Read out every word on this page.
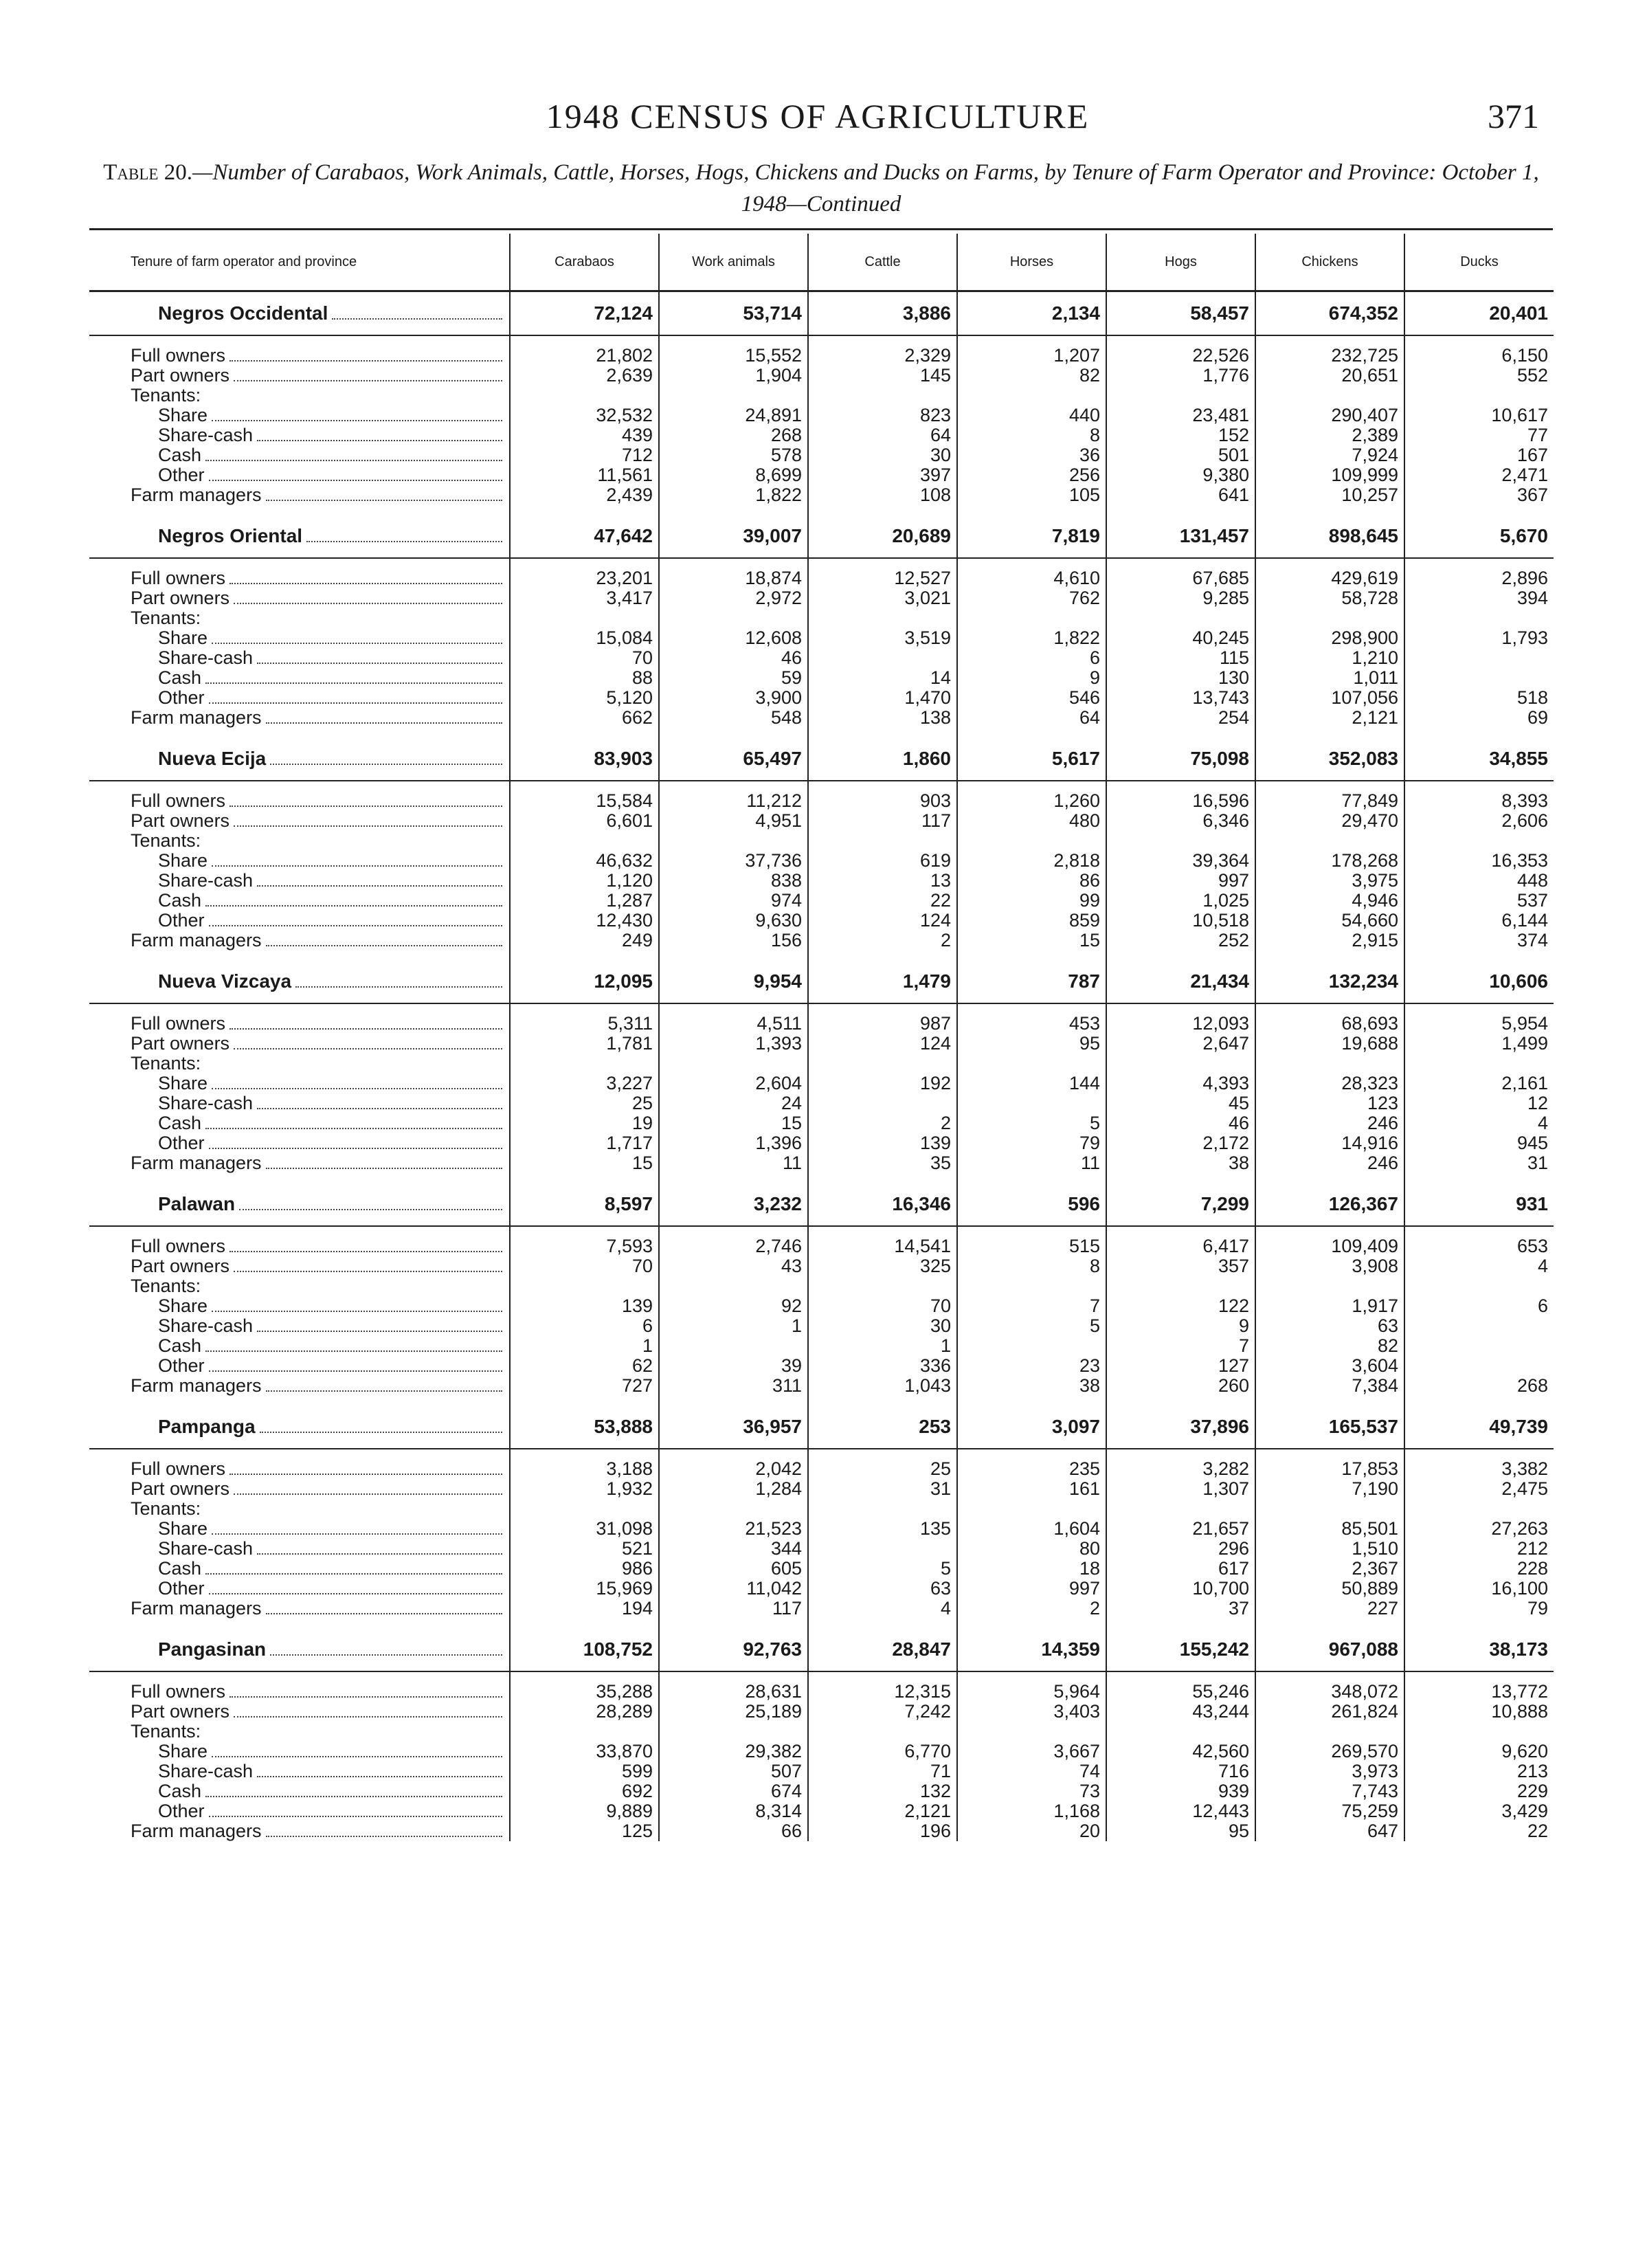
1948 CENSUS OF AGRICULTURE	371
Table 20.—Number of Carabaos, Work Animals, Cattle, Horses, Hogs, Chickens and Ducks on Farms, by Tenure of Farm Operator and Province: October 1, 1948—Continued
Tenure of farm operator and province	Carabaos	Work animals	Cattle	Horses	Hogs	Chickens	Ducks

Negros Occidental	72,124	53,714	3,886	2,134	58,457	674,352	20,401

Full owners	21,802	15,552	2,329	1,207	22,526	232,725	6,150

Part owners	2,639	1,904	145	82	1,776	20,651	552

Tenants:							

Share	32,532	24,891	823	440	23,481	290,407	10,617

Share-cash	439	268	64	8	152	2,389	77

Cash	712	578	30	36	501	7,924	167

Other	11,561	8,699	397	256	9,380	109,999	2,471

Farm managers	2,439	1,822	108	105	641	10,257	367

Negros Oriental	47,642	39,007	20,689	7,819	131,457	898,645	5,670

Full owners	23,201	18,874	12,527	4,610	67,685	429,619	2,896

Part owners	3,417	2,972	3,021	762	9,285	58,728	394

Tenants:							

Share	15,084	12,608	3,519	1,822	40,245	298,900	1,793

Share-cash	70	46		6	115	1,210	

Cash	88	59	14	9	130	1,011	

Other	5,120	3,900	1,470	546	13,743	107,056	518

Farm managers	662	548	138	64	254	2,121	69

Nueva Ecija	83,903	65,497	1,860	5,617	75,098	352,083	34,855

Full owners	15,584	11,212	903	1,260	16,596	77,849	8,393

Part owners	6,601	4,951	117	480	6,346	29,470	2,606

Tenants:							

Share	46,632	37,736	619	2,818	39,364	178,268	16,353

Share-cash	1,120	838	13	86	997	3,975	448

Cash	1,287	974	22	99	1,025	4,946	537

Other	12,430	9,630	124	859	10,518	54,660	6,144

Farm managers	249	156	2	15	252	2,915	374

Nueva Vizcaya	12,095	9,954	1,479	787	21,434	132,234	10,606

Full owners	5,311	4,511	987	453	12,093	68,693	5,954

Part owners	1,781	1,393	124	95	2,647	19,688	1,499

Tenants:							

Share	3,227	2,604	192	144	4,393	28,323	2,161

Share-cash	25	24			45	123	12

Cash	19	15	2	5	46	246	4

Other	1,717	1,396	139	79	2,172	14,916	945

Farm managers	15	11	35	11	38	246	31

Palawan	8,597	3,232	16,346	596	7,299	126,367	931

Full owners	7,593	2,746	14,541	515	6,417	109,409	653

Part owners	70	43	325	8	357	3,908	4

Tenants:							

Share	139	92	70	7	122	1,917	6

Share-cash	6	1	30	5	9	63	

Cash	1		1		7	82	

Other	62	39	336	23	127	3,604	

Farm managers	727	311	1,043	38	260	7,384	268

Pampanga	53,888	36,957	253	3,097	37,896	165,537	49,739

Full owners	3,188	2,042	25	235	3,282	17,853	3,382

Part owners	1,932	1,284	31	161	1,307	7,190	2,475

Tenants:							

Share	31,098	21,523	135	1,604	21,657	85,501	27,263

Share-cash	521	344		80	296	1,510	212

Cash	986	605	5	18	617	2,367	228

Other	15,969	11,042	63	997	10,700	50,889	16,100

Farm managers	194	117	4	2	37	227	79

Pangasinan	108,752	92,763	28,847	14,359	155,242	967,088	38,173

Full owners	35,288	28,631	12,315	5,964	55,246	348,072	13,772

Part owners	28,289	25,189	7,242	3,403	43,244	261,824	10,888

Tenants:							

Share	33,870	29,382	6,770	3,667	42,560	269,570	9,620

Share-cash	599	507	71	74	716	3,973	213

Cash	692	674	132	73	939	7,743	229

Other	9,889	8,314	2,121	1,168	12,443	75,259	3,429

Farm managers	125	66	196	20	95	647	22
